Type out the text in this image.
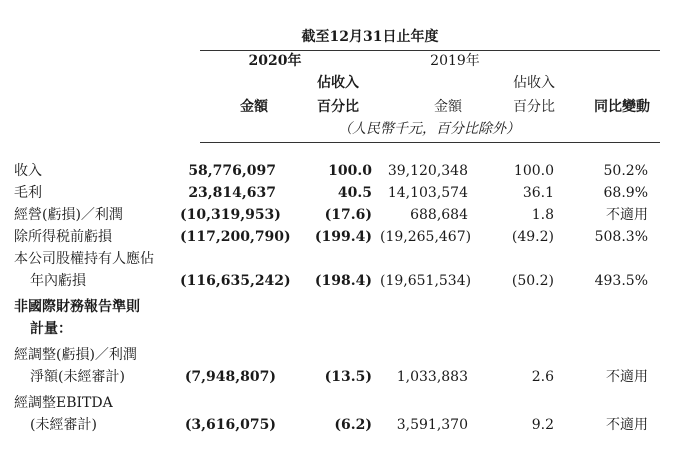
截至12月31日止年度
2020年	2019年
佔收入	佔收入
金額	百分比	金額	百分比	同比變動
（人民幣千元，百分比除外）
收入	58,776,097	100.0	39,120,348	100.0	50.2%
毛利	23,814,637	40.5	14,103,574	36.1	68.9%
經營(虧損)／利潤	(10,319,953)	(17.6)	688,684	1.8	不適用
除所得税前虧損	(117,200,790)	(199.4) (19,265,467)	(49.2)	508.3%
本公司股權持有人應佔
年內虧損	(116,635,242)	(198.4) (19,651,534)	(50.2)	493.5%
非國際財務報告準則
計量：
經調整(虧損)／利潤
淨額(未經審計)	(7,948,807)	(13.5)	1,033,883	2.6	不適用
經調整EBITDA
(未經審計)	(3,616,075)	(6.2)	3,591,370	9.2	不適用
